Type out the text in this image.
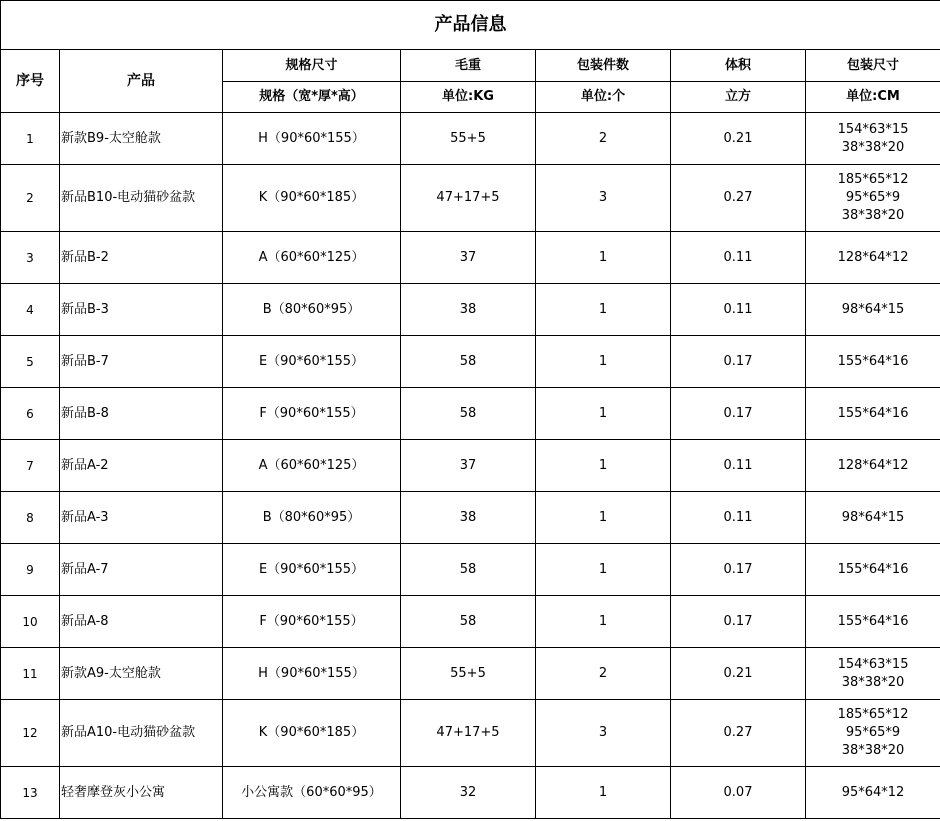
产品信息						
序号	产品	规格尺寸	毛重	包装件数	体积	包装尺寸
		规格（宽*厚*高）	单位:KG	单位:个	立方	单位:CM
1	新款B9-太空舱款	H（90*60*155）	55+5	2	0.21	154*63*15
38*38*20

2	新品B10-电动猫砂盆款	K（90*60*185）	47+17+5	3	0.27	185*65*12
95*65*9
38*38*20

3	新品B-2	A（60*60*125）	37	1	0.11	128*64*12

4	新品B-3	B（80*60*95）	38	1	0.11	98*64*15

5	新品B-7	E（90*60*155）	58	1	0.17	155*64*16

6	新品B-8	F（90*60*155）	58	1	0.17	155*64*16

7	新品A-2	A（60*60*125）	37	1	0.11	128*64*12

8	新品A-3	B（80*60*95）	38	1	0.11	98*64*15

9	新品A-7	E（90*60*155）	58	1	0.17	155*64*16

10	新品A-8	F（90*60*155）	58	1	0.17	155*64*16

11	新款A9-太空舱款	H（90*60*155）	55+5	2	0.21	154*63*15
38*38*20

12	新品A10-电动猫砂盆款	K（90*60*185）	47+17+5	3	0.27	185*65*12
95*65*9
38*38*20

13	轻奢摩登灰小公寓	小公寓款（60*60*95）	32	1	0.07	95*64*12
